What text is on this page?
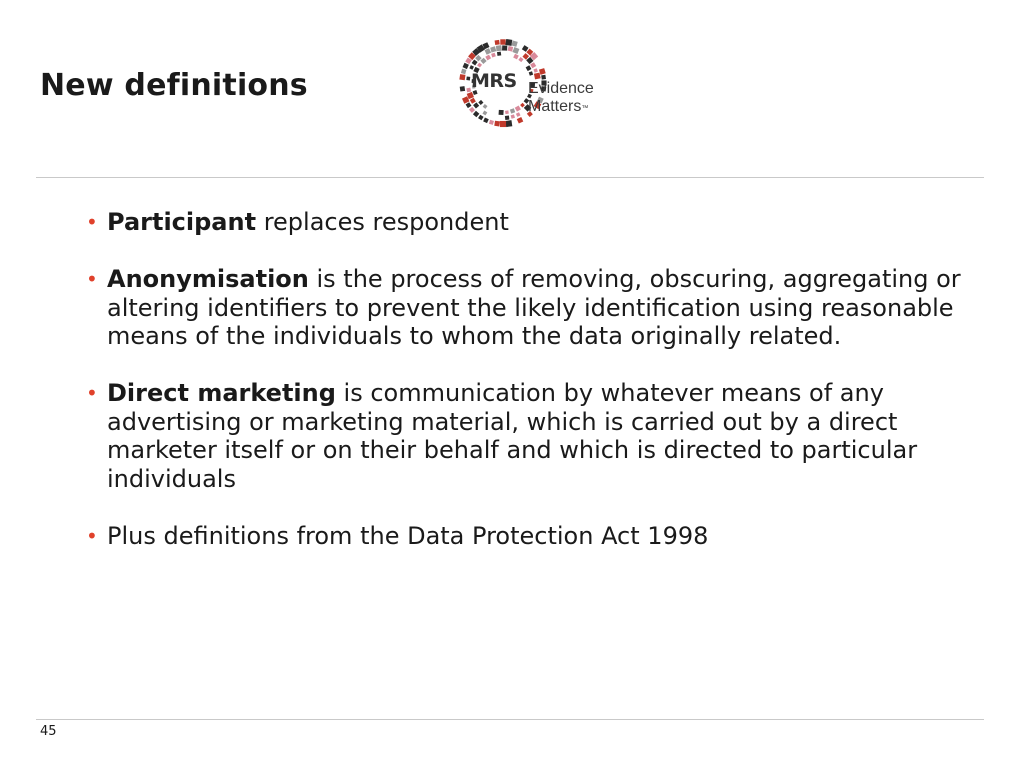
New definitions	MRS Evidence
Matters™
• Participant replaces respondent
• Anonymisation is the process of removing, obscuring, aggregating or altering identifiers to prevent the likely identification using reasonable means of the individuals to whom the data originally related.
• Direct marketing is communication by whatever means of any advertising or marketing material, which is carried out by a direct marketer itself or on their behalf and which is directed to particular individuals
• Plus definitions from the Data Protection Act 1998
45
